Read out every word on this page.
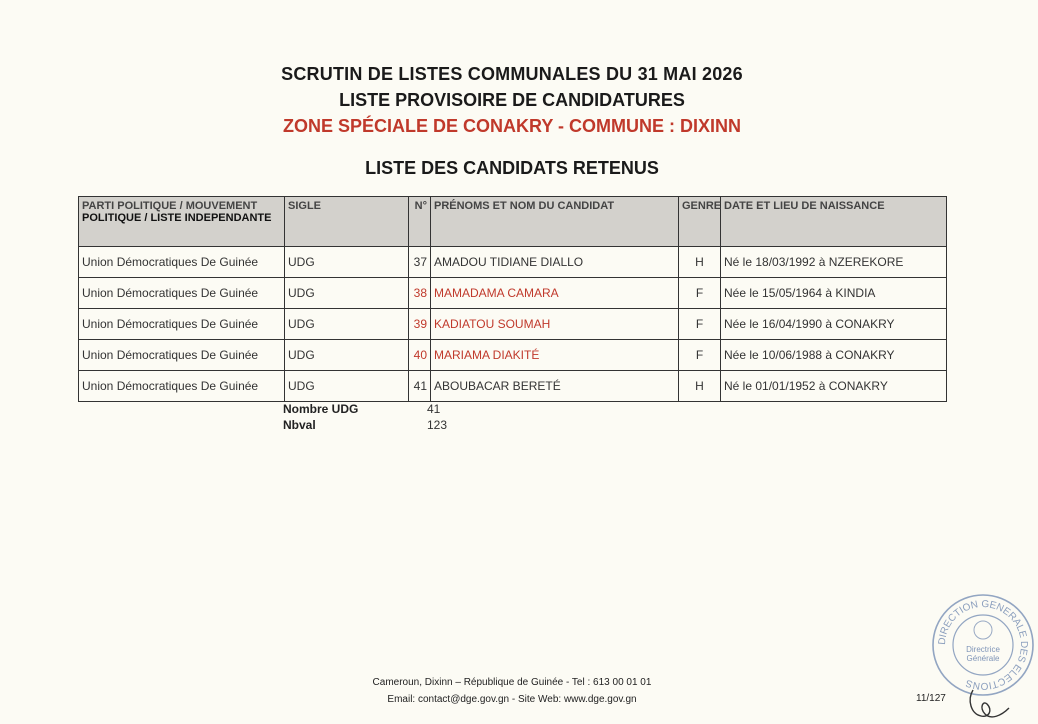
SCRUTIN DE LISTES COMMUNALES DU 31 MAI 2026
LISTE PROVISOIRE DE CANDIDATURES
ZONE SPÉCIALE DE CONAKRY - COMMUNE : DIXINN
LISTE DES CANDIDATS RETENUS
PARTI POLITIQUE / MOUVEMENT
POLITIQUE / LISTE INDEPENDANTE	SIGLE	N°	PRÉNOMS ET NOM DU CANDIDAT	GENRE	DATE ET LIEU DE NAISSANCE
Union Démocratiques De Guinée	UDG	37	AMADOU TIDIANE DIALLO	H	Né le 18/03/1992 à NZEREKORE
Union Démocratiques De Guinée	UDG	38	MAMADAMA CAMARA	F	Née le 15/05/1964 à KINDIA
Union Démocratiques De Guinée	UDG	39	KADIATOU SOUMAH	F	Née le 16/04/1990 à CONAKRY
Union Démocratiques De Guinée	UDG	40	MARIAMA DIAKITÉ	F	Née le 10/06/1988 à CONAKRY
Union Démocratiques De Guinée	UDG	41	ABOUBACAR BERETÉ	H	Né le 01/01/1952 à CONAKRY
Nombre UDG	41
Nbval	123
Cameroun, Dixinn – République de Guinée - Tel : 613 00 01 01
Email: contact@dge.gov.gn - Site Web: www.dge.gov.gn	11/127
DIRECTION GENERALE DES ELECTIONS
Directrice
Générale
